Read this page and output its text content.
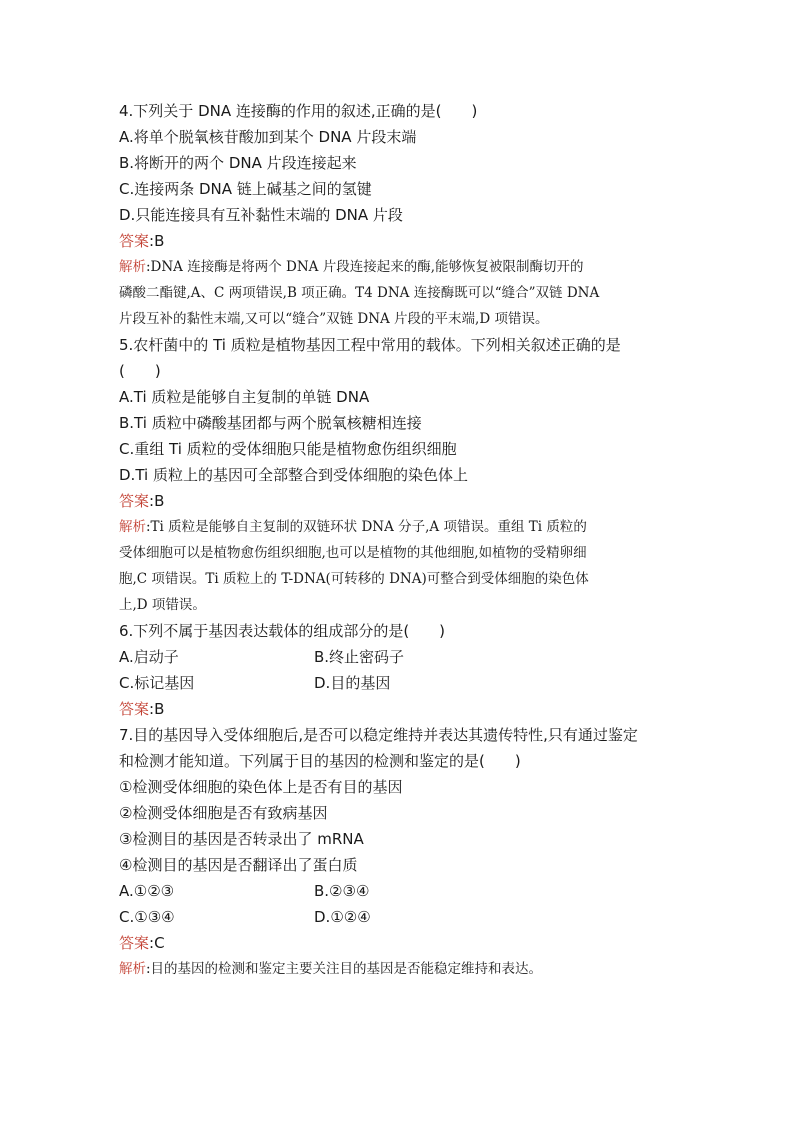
4.下列关于 DNA 连接酶的作用的叙述,正确的是(　　)
A.将单个脱氧核苷酸加到某个 DNA 片段末端
B.将断开的两个 DNA 片段连接起来
C.连接两条 DNA 链上碱基之间的氢键
D.只能连接具有互补黏性末端的 DNA 片段
答案:B
解析:DNA 连接酶是将两个 DNA 片段连接起来的酶,能够恢复被限制酶切开的
磷酸二酯键,A、C 两项错误,B 项正确。T4 DNA 连接酶既可以“缝合”双链 DNA
片段互补的黏性末端,又可以“缝合”双链 DNA 片段的平末端,D 项错误。
5.农杆菌中的 Ti 质粒是植物基因工程中常用的载体。下列相关叙述正确的是
(　　)
A.Ti 质粒是能够自主复制的单链 DNA
B.Ti 质粒中磷酸基团都与两个脱氧核糖相连接
C.重组 Ti 质粒的受体细胞只能是植物愈伤组织细胞
D.Ti 质粒上的基因可全部整合到受体细胞的染色体上
答案:B
解析:Ti 质粒是能够自主复制的双链环状 DNA 分子,A 项错误。重组 Ti 质粒的
受体细胞可以是植物愈伤组织细胞,也可以是植物的其他细胞,如植物的受精卵细
胞,C 项错误。Ti 质粒上的 T-DNA(可转移的 DNA)可整合到受体细胞的染色体
上,D 项错误。
6.下列不属于基因表达载体的组成部分的是(　　)
A.启动子	B.终止密码子
C.标记基因	D.目的基因
答案:B
7.目的基因导入受体细胞后,是否可以稳定维持并表达其遗传特性,只有通过鉴定
和检测才能知道。下列属于目的基因的检测和鉴定的是(　　)
①检测受体细胞的染色体上是否有目的基因
②检测受体细胞是否有致病基因
③检测目的基因是否转录出了 mRNA
④检测目的基因是否翻译出了蛋白质
A.①②③	B.②③④
C.①③④	D.①②④
答案:C
解析:目的基因的检测和鉴定主要关注目的基因是否能稳定维持和表达。
